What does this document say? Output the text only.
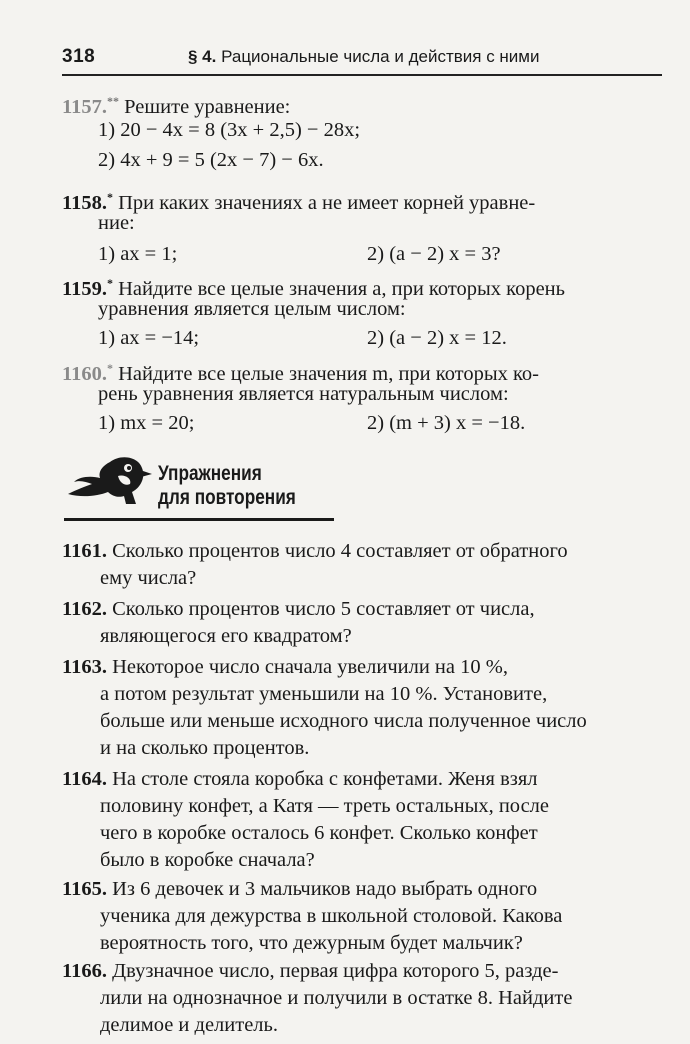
318	§ 4. Рациональные числа и действия с ними
1157.** Решите уравнение:
1) 20 − 4x = 8 (3x + 2,5) − 28x;
2) 4x + 9 = 5 (2x − 7) − 6x.
1158.* При каких значениях a не имеет корней уравне-
ние:
1) ax = 1;	2) (a − 2) x = 3?
1159.* Найдите все целые значения a, при которых корень
уравнения является целым числом:
1) ax = −14;	2) (a − 2) x = 12.
1160.* Найдите все целые значения m, при которых ко-
рень уравнения является натуральным числом:
1) mx = 20;	2) (m + 3) x = −18.
Упражнения
для повторения
1161. Сколько процентов число 4 составляет от обратного
ему числа?
1162. Сколько процентов число 5 составляет от числа,
являющегося его квадратом?
1163. Некоторое число сначала увеличили на 10 %,
а потом результат уменьшили на 10 %. Установите,
больше или меньше исходного числа полученное число
и на сколько процентов.
1164. На столе стояла коробка с конфетами. Женя взял
половину конфет, а Катя — треть остальных, после
чего в коробке осталось 6 конфет. Сколько конфет
было в коробке сначала?
1165. Из 6 девочек и 3 мальчиков надо выбрать одного
ученика для дежурства в школьной столовой. Какова
вероятность того, что дежурным будет мальчик?
1166. Двузначное число, первая цифра которого 5, разде-
лили на однозначное и получили в остатке 8. Найдите
делимое и делитель.
